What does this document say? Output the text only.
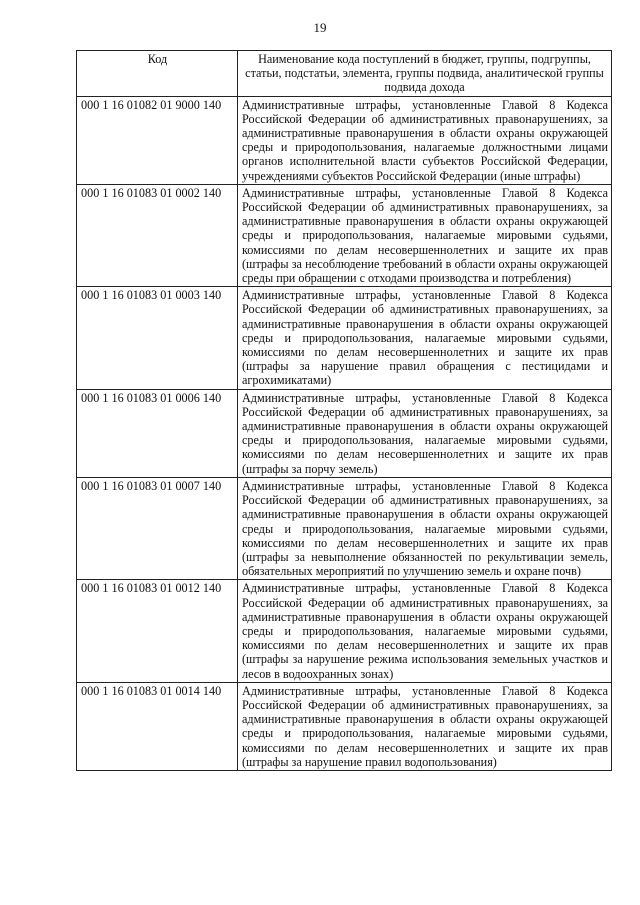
19
Код	Наименование кода поступлений в бюджет, группы, подгруппы, статьи, подстатьи, элемента, группы подвида, аналитической группы подвида дохода
000 1 16 01082 01 9000 140	Административные штрафы, установленные Главой 8 Кодекса Российской Федерации об административных правонарушениях, за административные правонарушения в области охраны окружающей среды и природопользования, налагаемые должностными лицами органов исполнительной власти субъектов Российской Федерации, учреждениями субъектов Российской Федерации (иные штрафы)
000 1 16 01083 01 0002 140	Административные штрафы, установленные Главой 8 Кодекса Российской Федерации об административных правонарушениях, за административные правонарушения в области охраны окружающей среды и природопользования, налагаемые мировыми судьями, комиссиями по делам несовершеннолетних и защите их прав (штрафы за несоблюдение требований в области охраны окружающей среды при обращении с отходами производства и потребления)
000 1 16 01083 01 0003 140	Административные штрафы, установленные Главой 8 Кодекса Российской Федерации об административных правонарушениях, за административные правонарушения в области охраны окружающей среды и природопользования, налагаемые мировыми судьями, комиссиями по делам несовершеннолетних и защите их прав (штрафы за нарушение правил обращения с пестицидами и агрохимикатами)
000 1 16 01083 01 0006 140	Административные штрафы, установленные Главой 8 Кодекса Российской Федерации об административных правонарушениях, за административные правонарушения в области охраны окружающей среды и природопользования, налагаемые мировыми судьями, комиссиями по делам несовершеннолетних и защите их прав (штрафы за порчу земель)
000 1 16 01083 01 0007 140	Административные штрафы, установленные Главой 8 Кодекса Российской Федерации об административных правонарушениях, за административные правонарушения в области охраны окружающей среды и природопользования, налагаемые мировыми судьями, комиссиями по делам несовершеннолетних и защите их прав (штрафы за невыполнение обязанностей по рекультивации земель, обязательных мероприятий по улучшению земель и охране почв)
000 1 16 01083 01 0012 140	Административные штрафы, установленные Главой 8 Кодекса Российской Федерации об административных правонарушениях, за административные правонарушения в области охраны окружающей среды и природопользования, налагаемые мировыми судьями, комиссиями по делам несовершеннолетних и защите их прав (штрафы за нарушение режима использования земельных участков и лесов в водоохранных зонах)
000 1 16 01083 01 0014 140	Административные штрафы, установленные Главой 8 Кодекса Российской Федерации об административных правонарушениях, за административные правонарушения в области охраны окружающей среды и природопользования, налагаемые мировыми судьями, комиссиями по делам несовершеннолетних и защите их прав (штрафы за нарушение правил водопользования)
